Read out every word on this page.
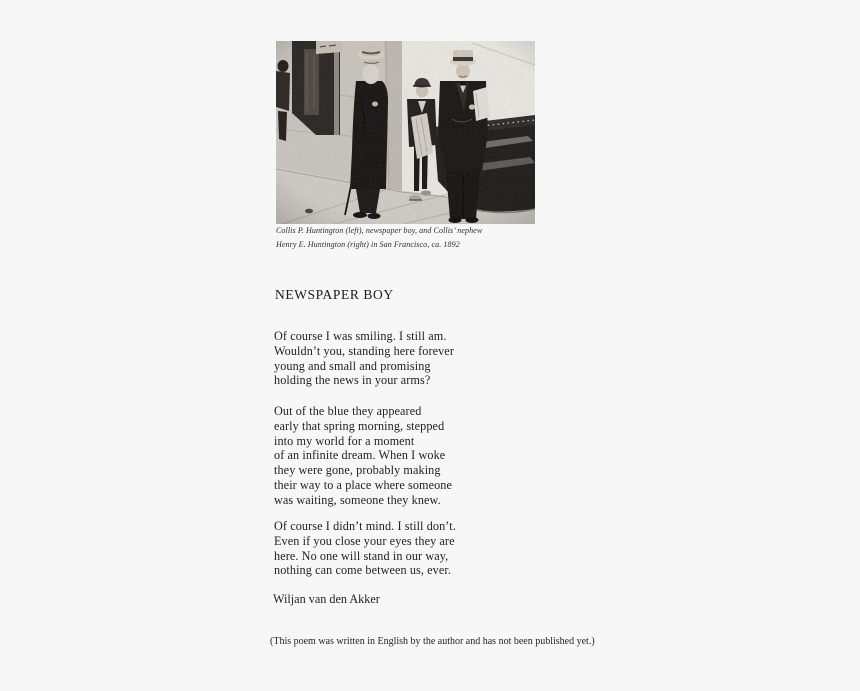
Collis P. Huntington (left), newspaper boy, and Collis’ nephew
Henry E. Huntington (right) in San Francisco, ca. 1892
NEWSPAPER BOY
Of course I was smiling. I still am.
Wouldn’t you, standing here forever
young and small and promising
holding the news in your arms?
Out of the blue they appeared
early that spring morning, stepped
into my world for a moment
of an infinite dream. When I woke
they were gone, probably making
their way to a place where someone
was waiting, someone they knew.
Of course I didn’t mind. I still don’t.
Even if you close your eyes they are
here. No one will stand in our way,
nothing can come between us, ever.
Wiljan van den Akker
(This poem was written in English by the author and has not been published yet.)
